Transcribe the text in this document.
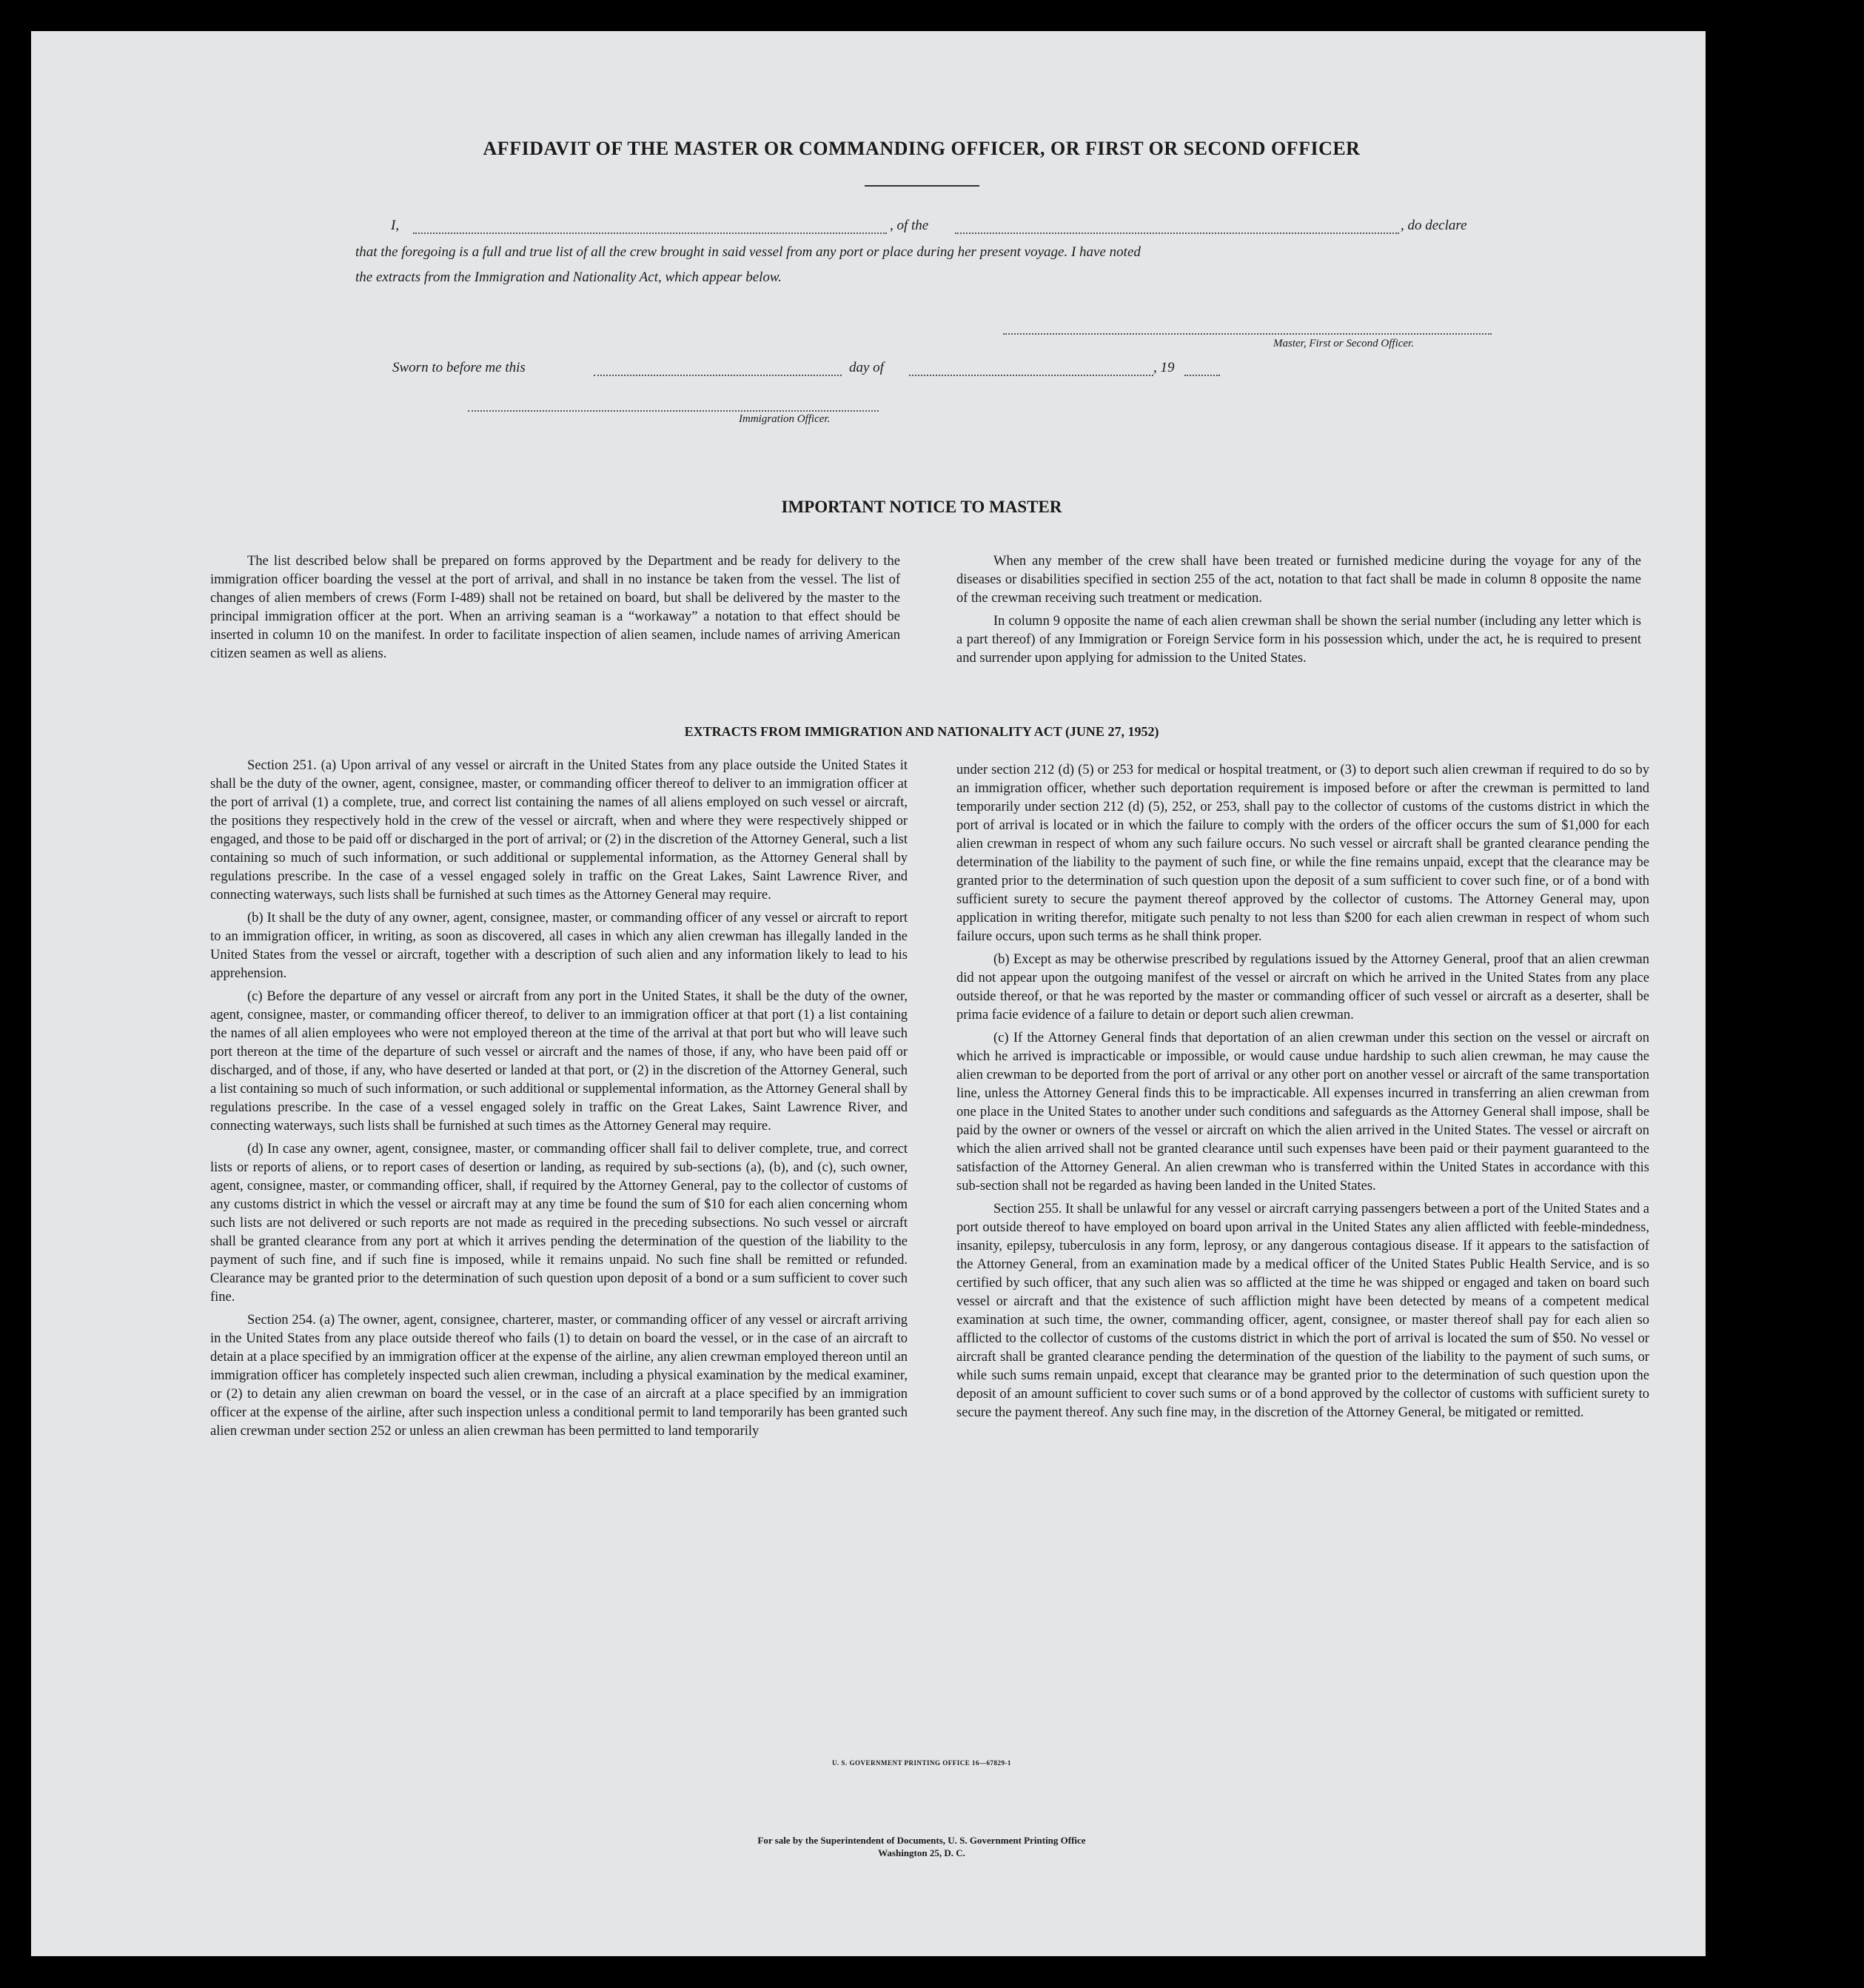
AFFIDAVIT OF THE MASTER OR COMMANDING OFFICER, OR FIRST OR SECOND OFFICER
I,	, of the	, do declare
that the foregoing is a full and true list of all the crew brought in said vessel from any port or place during her present voyage. I have noted
the extracts from the Immigration and Nationality Act, which appear below.
Master, First or Second Officer.
Sworn to before me this	day of	, 19
Immigration Officer.
IMPORTANT NOTICE TO MASTER

The list described below shall be prepared on forms approved by the Department and be ready for delivery to the immigration officer boarding the vessel at the port of arrival, and shall in no instance be taken from the vessel. The list of changes of alien members of crews (Form I-489) shall not be retained on board, but shall be delivered by the master to the principal immigration officer at the port. When an arriving seaman is a “workaway” a notation to that effect should be inserted in column 10 on the manifest. In order to facilitate inspection of alien seamen, include names of arriving American citizen seamen as well as aliens.

When any member of the crew shall have been treated or furnished medicine during the voyage for any of the diseases or disabilities specified in section 255 of the act, notation to that fact shall be made in column 8 opposite the name of the crewman receiving such treatment or medication.

In column 9 opposite the name of each alien crewman shall be shown the serial number (including any letter which is a part thereof) of any Immigration or Foreign Service form in his possession which, under the act, he is required to present and surrender upon applying for admission to the United States.

EXTRACTS FROM IMMIGRATION AND NATIONALITY ACT (JUNE 27, 1952)

Section 251. (a) Upon arrival of any vessel or aircraft in the United States from any place outside the United States it shall be the duty of the owner, agent, consignee, master, or commanding officer thereof to deliver to an immigration officer at the port of arrival (1) a complete, true, and correct list containing the names of all aliens employed on such vessel or aircraft, the positions they respectively hold in the crew of the vessel or aircraft, when and where they were respectively shipped or engaged, and those to be paid off or discharged in the port of arrival; or (2) in the discretion of the Attorney General, such a list containing so much of such information, or such additional or supplemental information, as the Attorney General shall by regulations prescribe. In the case of a vessel engaged solely in traffic on the Great Lakes, Saint Lawrence River, and connecting waterways, such lists shall be furnished at such times as the Attorney General may require.

(b) It shall be the duty of any owner, agent, consignee, master, or commanding officer of any vessel or aircraft to report to an immigration officer, in writing, as soon as discovered, all cases in which any alien crewman has illegally landed in the United States from the vessel or aircraft, together with a description of such alien and any information likely to lead to his apprehension.

(c) Before the departure of any vessel or aircraft from any port in the United States, it shall be the duty of the owner, agent, consignee, master, or commanding officer thereof, to deliver to an immigration officer at that port (1) a list containing the names of all alien employees who were not employed thereon at the time of the arrival at that port but who will leave such port thereon at the time of the departure of such vessel or aircraft and the names of those, if any, who have been paid off or discharged, and of those, if any, who have deserted or landed at that port, or (2) in the discretion of the Attorney General, such a list containing so much of such information, or such additional or supplemental information, as the Attorney General shall by regulations prescribe. In the case of a vessel engaged solely in traffic on the Great Lakes, Saint Lawrence River, and connecting waterways, such lists shall be furnished at such times as the Attorney General may require.

(d) In case any owner, agent, consignee, master, or commanding officer shall fail to deliver complete, true, and correct lists or reports of aliens, or to report cases of desertion or landing, as required by sub-sections (a), (b), and (c), such owner, agent, consignee, master, or commanding officer, shall, if required by the Attorney General, pay to the collector of customs of any customs district in which the vessel or aircraft may at any time be found the sum of $10 for each alien concerning whom such lists are not delivered or such reports are not made as required in the preceding subsections. No such vessel or aircraft shall be granted clearance from any port at which it arrives pending the determination of the question of the liability to the payment of such fine, and if such fine is imposed, while it remains unpaid. No such fine shall be remitted or refunded. Clearance may be granted prior to the determination of such question upon deposit of a bond or a sum sufficient to cover such fine.

Section 254. (a) The owner, agent, consignee, charterer, master, or commanding officer of any vessel or aircraft arriving in the United States from any place outside thereof who fails (1) to detain on board the vessel, or in the case of an aircraft to detain at a place specified by an immigration officer at the expense of the airline, any alien crewman employed thereon until an immigration officer has completely inspected such alien crewman, including a physical examination by the medical examiner, or (2) to detain any alien crewman on board the vessel, or in the case of an aircraft at a place specified by an immigration officer at the expense of the airline, after such inspection unless a conditional permit to land temporarily has been granted such alien crewman under section 252 or unless an alien crewman has been permitted to land temporarily

under section 212 (d) (5) or 253 for medical or hospital treatment, or (3) to deport such alien crewman if required to do so by an immigration officer, whether such deportation requirement is imposed before or after the crewman is permitted to land temporarily under section 212 (d) (5), 252, or 253, shall pay to the collector of customs of the customs district in which the port of arrival is located or in which the failure to comply with the orders of the officer occurs the sum of $1,000 for each alien crewman in respect of whom any such failure occurs. No such vessel or aircraft shall be granted clearance pending the determination of the liability to the payment of such fine, or while the fine remains unpaid, except that the clearance may be granted prior to the determination of such question upon the deposit of a sum sufficient to cover such fine, or of a bond with sufficient surety to secure the payment thereof approved by the collector of customs. The Attorney General may, upon application in writing therefor, mitigate such penalty to not less than $200 for each alien crewman in respect of whom such failure occurs, upon such terms as he shall think proper.

(b) Except as may be otherwise prescribed by regulations issued by the Attorney General, proof that an alien crewman did not appear upon the outgoing manifest of the vessel or aircraft on which he arrived in the United States from any place outside thereof, or that he was reported by the master or commanding officer of such vessel or aircraft as a deserter, shall be prima facie evidence of a failure to detain or deport such alien crewman.

(c) If the Attorney General finds that deportation of an alien crewman under this section on the vessel or aircraft on which he arrived is impracticable or impossible, or would cause undue hardship to such alien crewman, he may cause the alien crewman to be deported from the port of arrival or any other port on another vessel or aircraft of the same transportation line, unless the Attorney General finds this to be impracticable. All expenses incurred in transferring an alien crewman from one place in the United States to another under such conditions and safeguards as the Attorney General shall impose, shall be paid by the owner or owners of the vessel or aircraft on which the alien arrived in the United States. The vessel or aircraft on which the alien arrived shall not be granted clearance until such expenses have been paid or their payment guaranteed to the satisfaction of the Attorney General. An alien crewman who is transferred within the United States in accordance with this sub-section shall not be regarded as having been landed in the United States.

Section 255. It shall be unlawful for any vessel or aircraft carrying passengers between a port of the United States and a port outside thereof to have employed on board upon arrival in the United States any alien afflicted with feeble-mindedness, insanity, epilepsy, tuberculosis in any form, leprosy, or any dangerous contagious disease. If it appears to the satisfaction of the Attorney General, from an examination made by a medical officer of the United States Public Health Service, and is so certified by such officer, that any such alien was so afflicted at the time he was shipped or engaged and taken on board such vessel or aircraft and that the existence of such affliction might have been detected by means of a competent medical examination at such time, the owner, commanding officer, agent, consignee, or master thereof shall pay for each alien so afflicted to the collector of customs of the customs district in which the port of arrival is located the sum of $50. No vessel or aircraft shall be granted clearance pending the determination of the question of the liability to the payment of such sums, or while such sums remain unpaid, except that clearance may be granted prior to the determination of such question upon the deposit of an amount sufficient to cover such sums or of a bond approved by the collector of customs with sufficient surety to secure the payment thereof. Any such fine may, in the discretion of the Attorney General, be mitigated or remitted.

U. S. GOVERNMENT PRINTING OFFICE 16—67829-1
For sale by the Superintendent of Documents, U. S. Government Printing Office
Washington 25, D. C.
